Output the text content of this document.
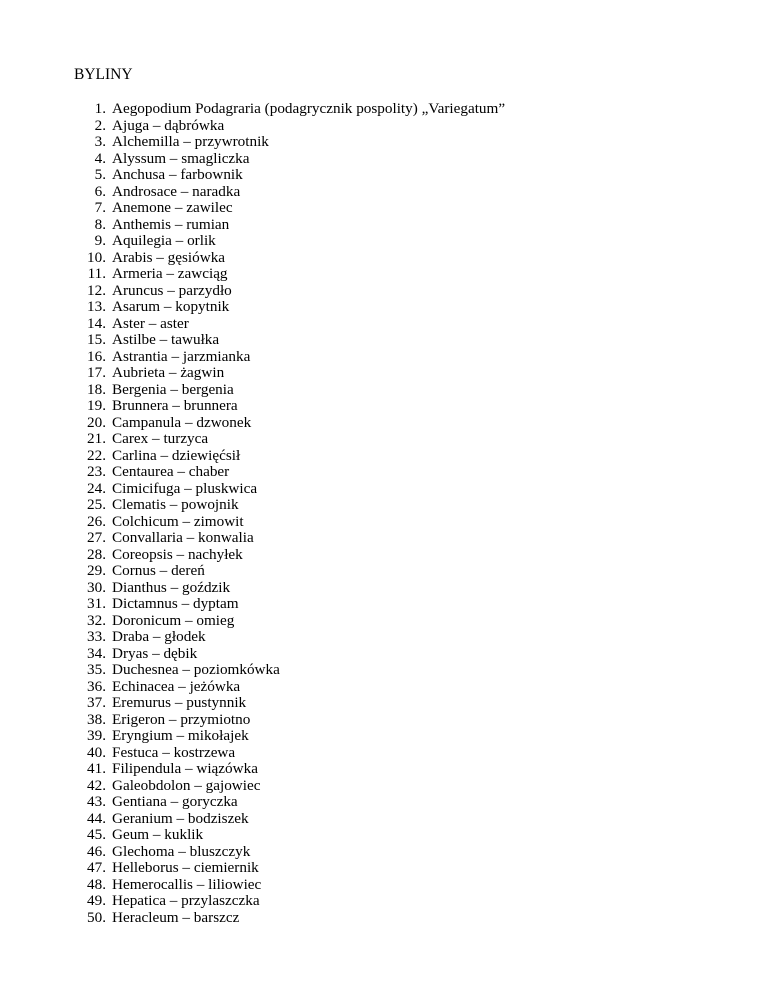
BYLINY
1. Aegopodium Podagraria (podagrycznik pospolity) „Variegatum”
2. Ajuga – dąbrówka
3. Alchemilla – przywrotnik
4. Alyssum – smagliczka
5. Anchusa – farbownik
6. Androsace – naradka
7. Anemone – zawilec
8. Anthemis – rumian
9. Aquilegia – orlik
10. Arabis – gęsiówka
11. Armeria – zawciąg
12. Aruncus – parzydło
13. Asarum – kopytnik
14. Aster – aster
15. Astilbe – tawułka
16. Astrantia – jarzmianka
17. Aubrieta – żagwin
18. Bergenia – bergenia
19. Brunnera – brunnera
20. Campanula – dzwonek
21. Carex – turzyca
22. Carlina – dziewięćsił
23. Centaurea – chaber
24. Cimicifuga – pluskwica
25. Clematis – powojnik
26. Colchicum – zimowit
27. Convallaria – konwalia
28. Coreopsis – nachyłek
29. Cornus – dereń
30. Dianthus – goździk
31. Dictamnus – dyptam
32. Doronicum – omieg
33. Draba – głodek
34. Dryas – dębik
35. Duchesnea – poziomkówka
36. Echinacea – jeżówka
37. Eremurus – pustynnik
38. Erigeron – przymiotno
39. Eryngium – mikołajek
40. Festuca – kostrzewa
41. Filipendula – wiązówka
42. Galeobdolon – gajowiec
43. Gentiana – goryczka
44. Geranium – bodziszek
45. Geum – kuklik
46. Glechoma – bluszczyk
47. Helleborus – ciemiernik
48. Hemerocallis – liliowiec
49. Hepatica – przylaszczka
50. Heracleum – barszcz
